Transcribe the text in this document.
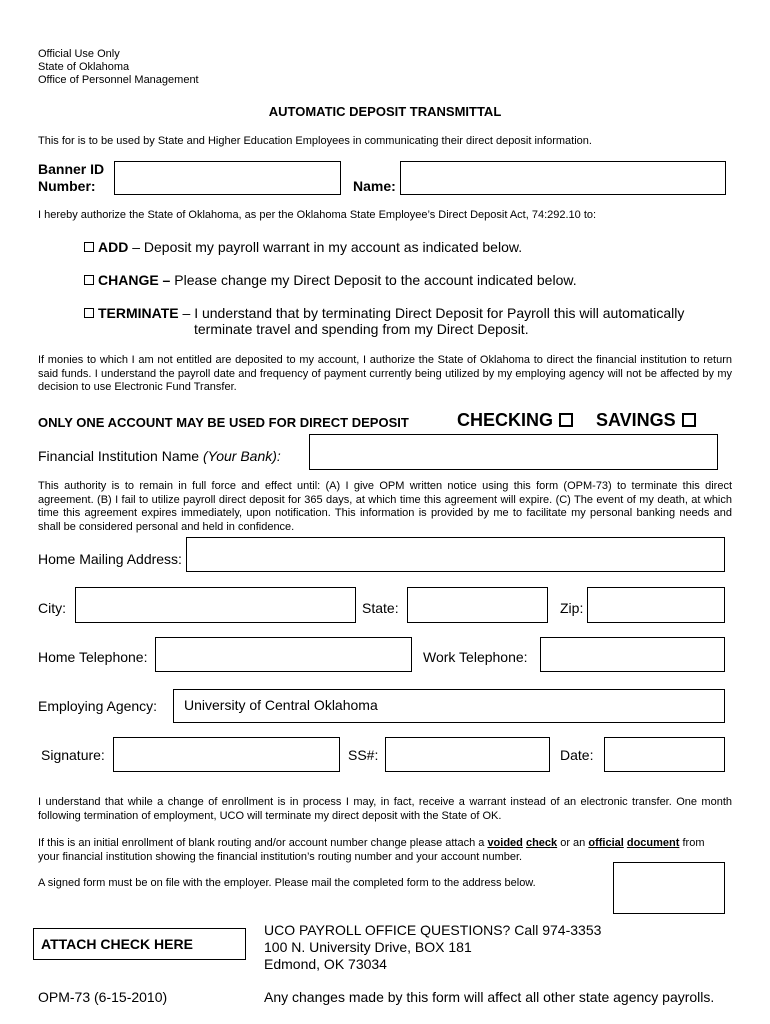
Official Use Only
State of Oklahoma
Office of Personnel Management
AUTOMATIC DEPOSIT TRANSMITTAL
This for is to be used by State and Higher Education Employees in communicating their direct deposit information.
Banner ID
Number:	Name:
I hereby authorize the State of Oklahoma, as per the Oklahoma State Employee’s Direct Deposit Act, 74:292.10 to:
ADD – Deposit my payroll warrant in my account as indicated below.
CHANGE – Please change my Direct Deposit to the account indicated below.
TERMINATE – I understand that by terminating Direct Deposit for Payroll this will automatically
terminate travel and spending from my Direct Deposit.
If monies to which I am not entitled are deposited to my account, I authorize the State of Oklahoma to direct the financial institution to return said funds. I understand the payroll date and frequency of payment currently being utilized by my employing agency will not be affected by my decision to use Electronic Fund Transfer.
ONLY ONE ACCOUNT MAY BE USED FOR DIRECT DEPOSIT	CHECKING	SAVINGS
Financial Institution Name (Your Bank):
This authority is to remain in full force and effect until: (A) I give OPM written notice using this form (OPM-73) to terminate this direct agreement. (B) I fail to utilize payroll direct deposit for 365 days, at which time this agreement will expire. (C) The event of my death, at which time this agreement expires immediately, upon notification. This information is provided by me to facilitate my personal banking needs and shall be considered personal and held in confidence.
Home Mailing Address:
City:	State:	Zip:
Home Telephone:	Work Telephone:
Employing Agency: University of Central Oklahoma
Signature:	SS#:	Date:
I understand that while a change of enrollment is in process I may, in fact, receive a warrant instead of an electronic transfer. One month following termination of employment, UCO will terminate my direct deposit with the State of OK.
If this is an initial enrollment of blank routing and/or account number change please attach a voided check or an official document from
your financial institution showing the financial institution’s routing number and your account number.
A signed form must be on file with the employer. Please mail the completed form to the address below.
ATTACH CHECK HERE
UCO PAYROLL OFFICE QUESTIONS? Call 974-3353
100 N. University Drive, BOX 181
Edmond, OK 73034
OPM-73 (6-15-2010)	Any changes made by this form will affect all other state agency payrolls.
